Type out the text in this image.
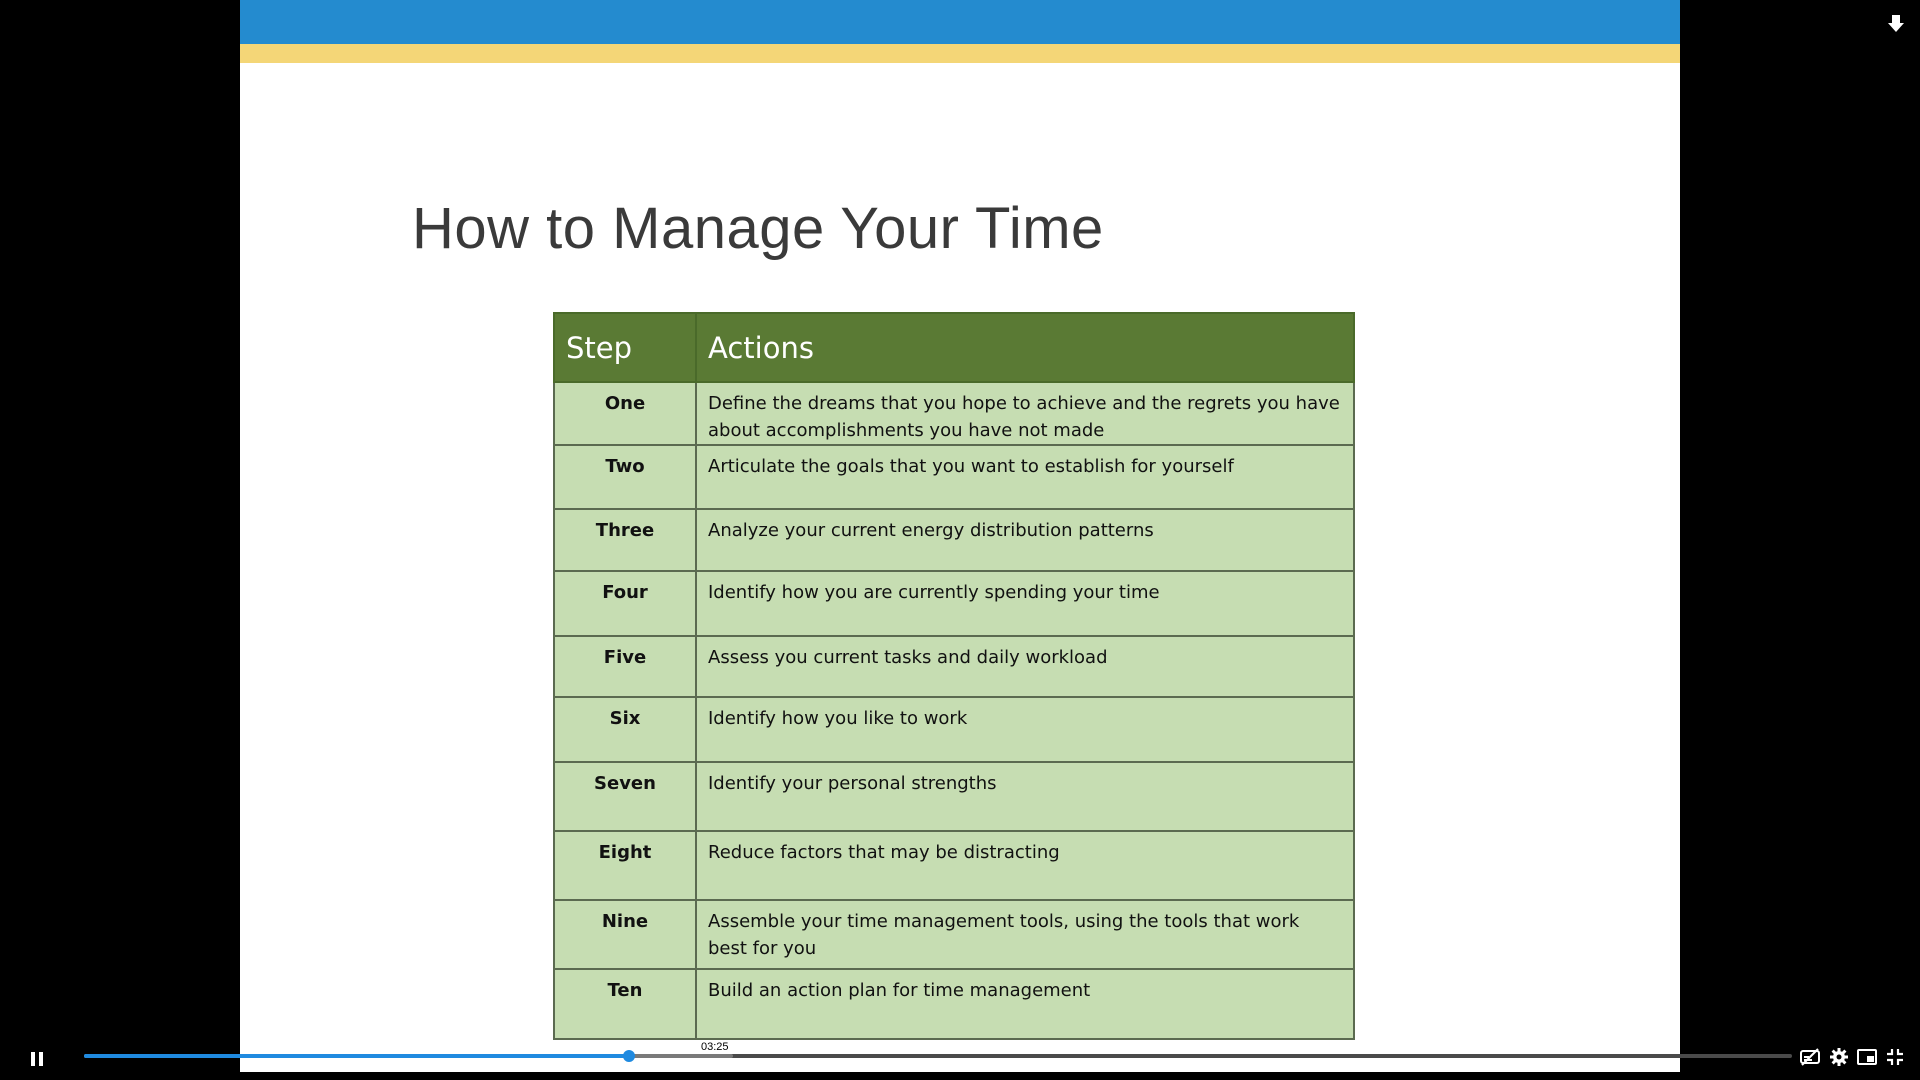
How to Manage Your Time
Step	Actions
One	Define the dreams that you hope to achieve and the regrets you have about accomplishments you have not made
Two	Articulate the goals that you want to establish for yourself
Three	Analyze your current energy distribution patterns
Four	Identify how you are currently spending your time
Five	Assess you current tasks and daily workload
Six	Identify how you like to work
Seven	Identify your personal strengths
Eight	Reduce factors that may be distracting
Nine	Assemble your time management tools, using the tools that work best for you
Ten	Build an action plan for time management
03:25
